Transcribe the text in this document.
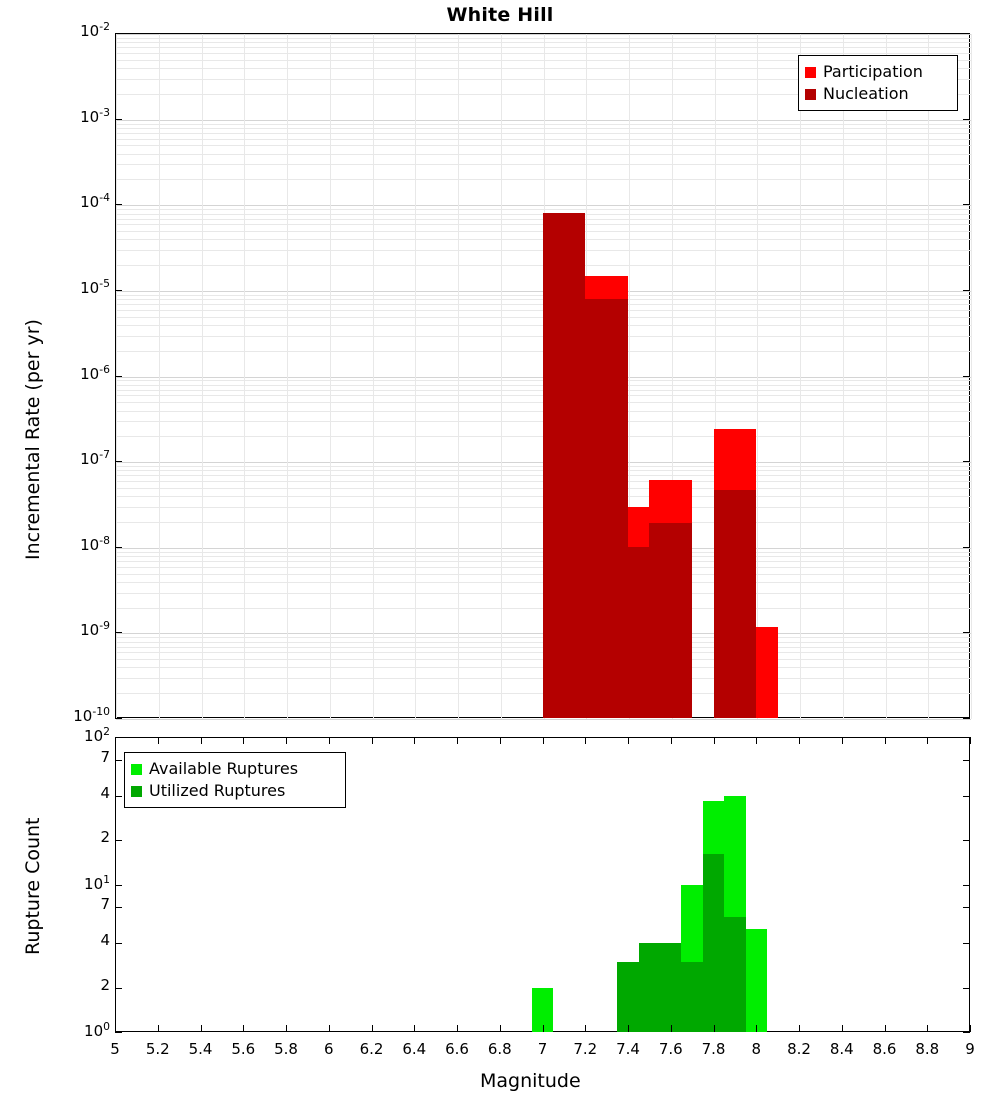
White Hill
Incremental Rate (per yr)
Participation
Nucleation
Rupture Count
Available Ruptures
Utilized Ruptures
Magnitude
$10^{-10}$
$10^{-9}$
$10^{-8}$
$10^{-7}$
$10^{-6}$
$10^{-5}$
$10^{-4}$
$10^{-3}$
$10^{-2}$
$10^0$
2
4
7
$10^1$
2
4
7
$10^2$
5	5.2	5.4	5.6	5.8	6	6.2	6.4	6.6	6.8	7	7.2	7.4	7.6	7.8	8	8.2	8.4	8.6	8.8	9
